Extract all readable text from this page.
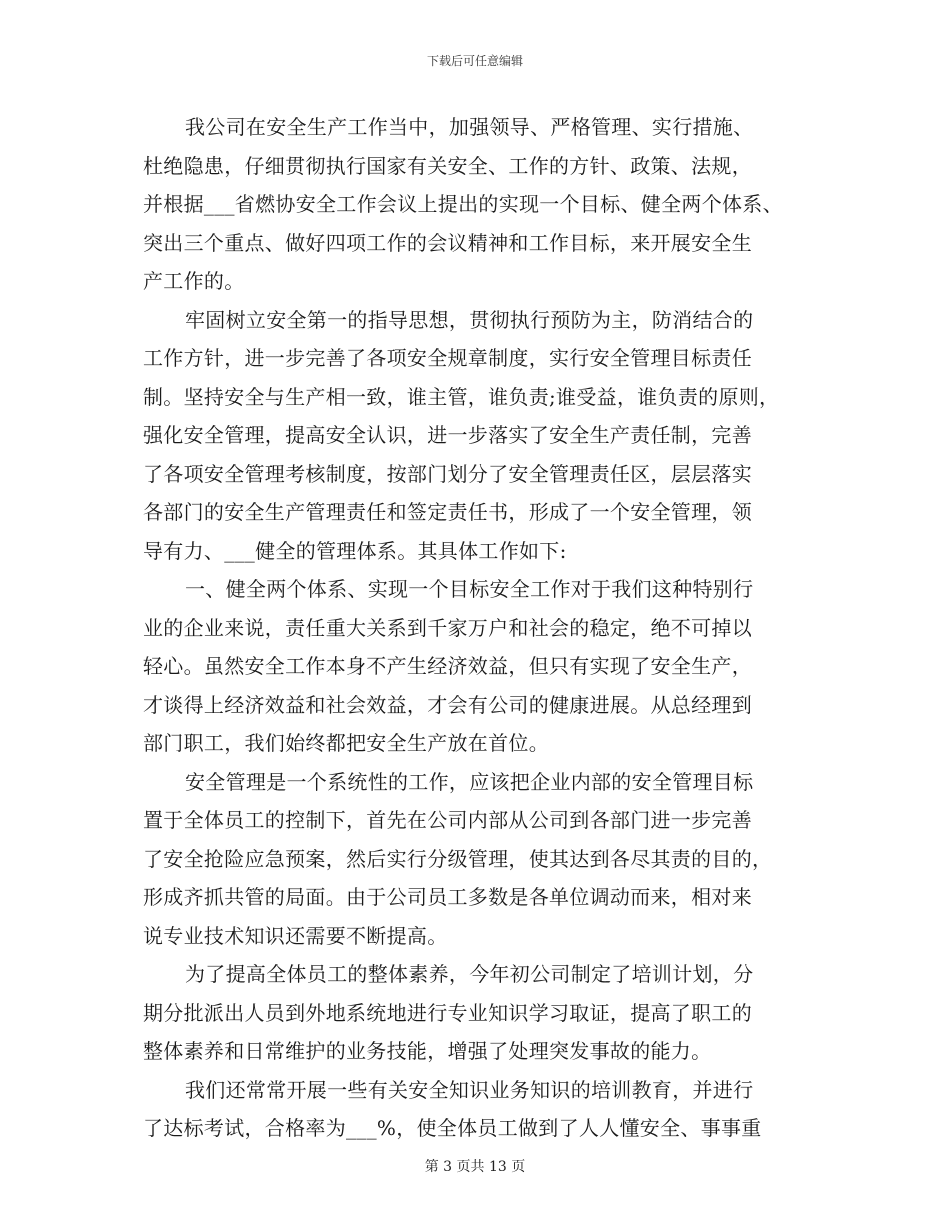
下载后可任意编辑

我公司在安全生产工作当中，加强领导、严格管理、实行措施、
杜绝隐患，仔细贯彻执行国家有关安全、工作的方针、政策、法规，
并根据___省燃协安全工作会议上提出的实现一个目标、健全两个体系、
突出三个重点、做好四项工作的会议精神和工作目标，来开展安全生
产工作的。

牢固树立安全第一的指导思想，贯彻执行预防为主，防消结合的
工作方针，进一步完善了各项安全规章制度，实行安全管理目标责任
制。坚持安全与生产相一致，谁主管，谁负责;谁受益，谁负责的原则，
强化安全管理，提高安全认识，进一步落实了安全生产责任制，完善
了各项安全管理考核制度，按部门划分了安全管理责任区，层层落实
各部门的安全生产管理责任和签定责任书，形成了一个安全管理，领
导有力、___健全的管理体系。其具体工作如下:

一、健全两个体系、实现一个目标安全工作对于我们这种特别行
业的企业来说，责任重大关系到千家万户和社会的稳定，绝不可掉以
轻心。虽然安全工作本身不产生经济效益，但只有实现了安全生产，
才谈得上经济效益和社会效益，才会有公司的健康进展。从总经理到
部门职工，我们始终都把安全生产放在首位。

安全管理是一个系统性的工作，应该把企业内部的安全管理目标
置于全体员工的控制下，首先在公司内部从公司到各部门进一步完善
了安全抢险应急预案，然后实行分级管理，使其达到各尽其责的目的，
形成齐抓共管的局面。由于公司员工多数是各单位调动而来，相对来
说专业技术知识还需要不断提高。

为了提高全体员工的整体素养，今年初公司制定了培训计划，分
期分批派出人员到外地系统地进行专业知识学习取证，提高了职工的
整体素养和日常维护的业务技能，增强了处理突发事故的能力。

我们还常常开展一些有关安全知识业务知识的培训教育，并进行
了达标考试，合格率为___%，使全体员工做到了人人懂安全、事事重

第 3 页共 13 页
